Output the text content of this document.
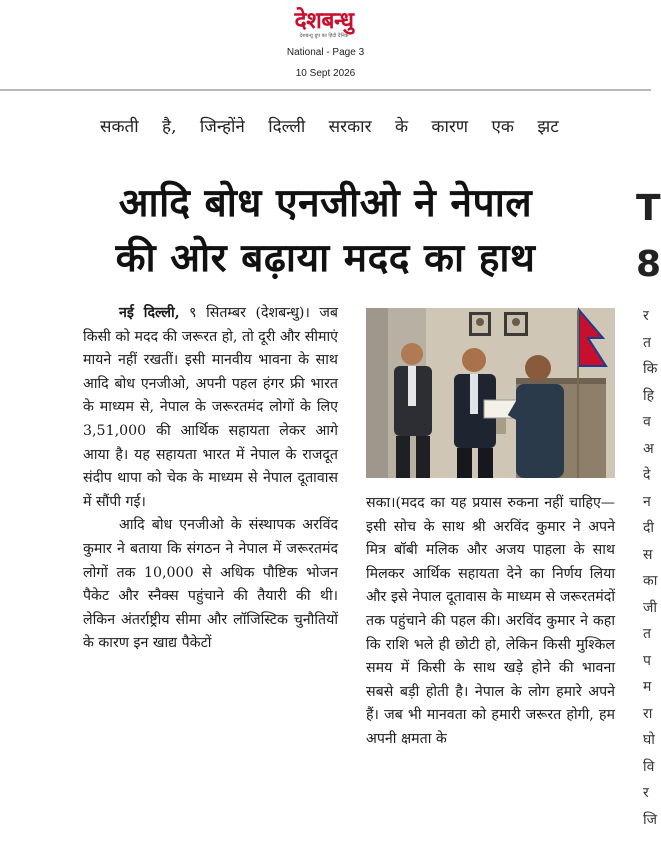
देशबन्धु
देशबन्धु ग्रुप का हिंदी दैनिक
National - Page 3
10 Sept 2026
सकती है, जिन्होंने दिल्ली सरकार के कारण एक झट
आदि बोध एनजीओ ने नेपाल
की ओर बढ़ाया मदद का हाथ

नई दिल्ली, ९ सितम्बर (देशबन्धु)। जब किसी को मदद की जरूरत हो, तो दूरी और सीमाएं मायने नहीं रखतीं। इसी मानवीय भावना के साथ आदि बोध एनजीओ, अपनी पहल हंगर फ्री भारत के माध्यम से, नेपाल के जरूरतमंद लोगों के लिए 3,51,000 की आर्थिक सहायता लेकर आगे आया है। यह सहायता भारत में नेपाल के राजदूत संदीप थापा को चेक के माध्यम से नेपाल दूतावास में सौंपी गई।

आदि बोध एनजीओ के संस्थापक अरविंद कुमार ने बताया कि संगठन ने नेपाल में जरूरतमंद लोगों तक 10,000 से अधिक पौष्टिक भोजन पैकेट और स्नैक्स पहुंचाने की तैयारी की थी। लेकिन अंतर्राष्ट्रीय सीमा और लॉजिस्टिक चुनौतियों के कारण इन खाद्य पैकेटों

सका।(मदद का यह प्रयास रुकना नहीं चाहिए—इसी सोच के साथ श्री अरविंद कुमार ने अपने मित्र बॉबी मलिक और अजय पाहला के साथ मिलकर आर्थिक सहायता देने का निर्णय लिया और इसे नेपाल दूतावास के माध्यम से जरूरतमंदों तक पहुंचाने की पहल की। अरविंद कुमार ने कहा कि राशि भले ही छोटी हो, लेकिन किसी मुश्किल समय में किसी के साथ खड़े होने की भावना सबसे बड़ी होती है। नेपाल के लोग हमारे अपने हैं। जब भी मानवता को हमारी जरूरत होगी, हम अपनी क्षमता के

T
8
र
त
कि
हि
व
अ
दे
न
दी
स
का
जी
त
प
म
रा
घो
वि
र
जि
